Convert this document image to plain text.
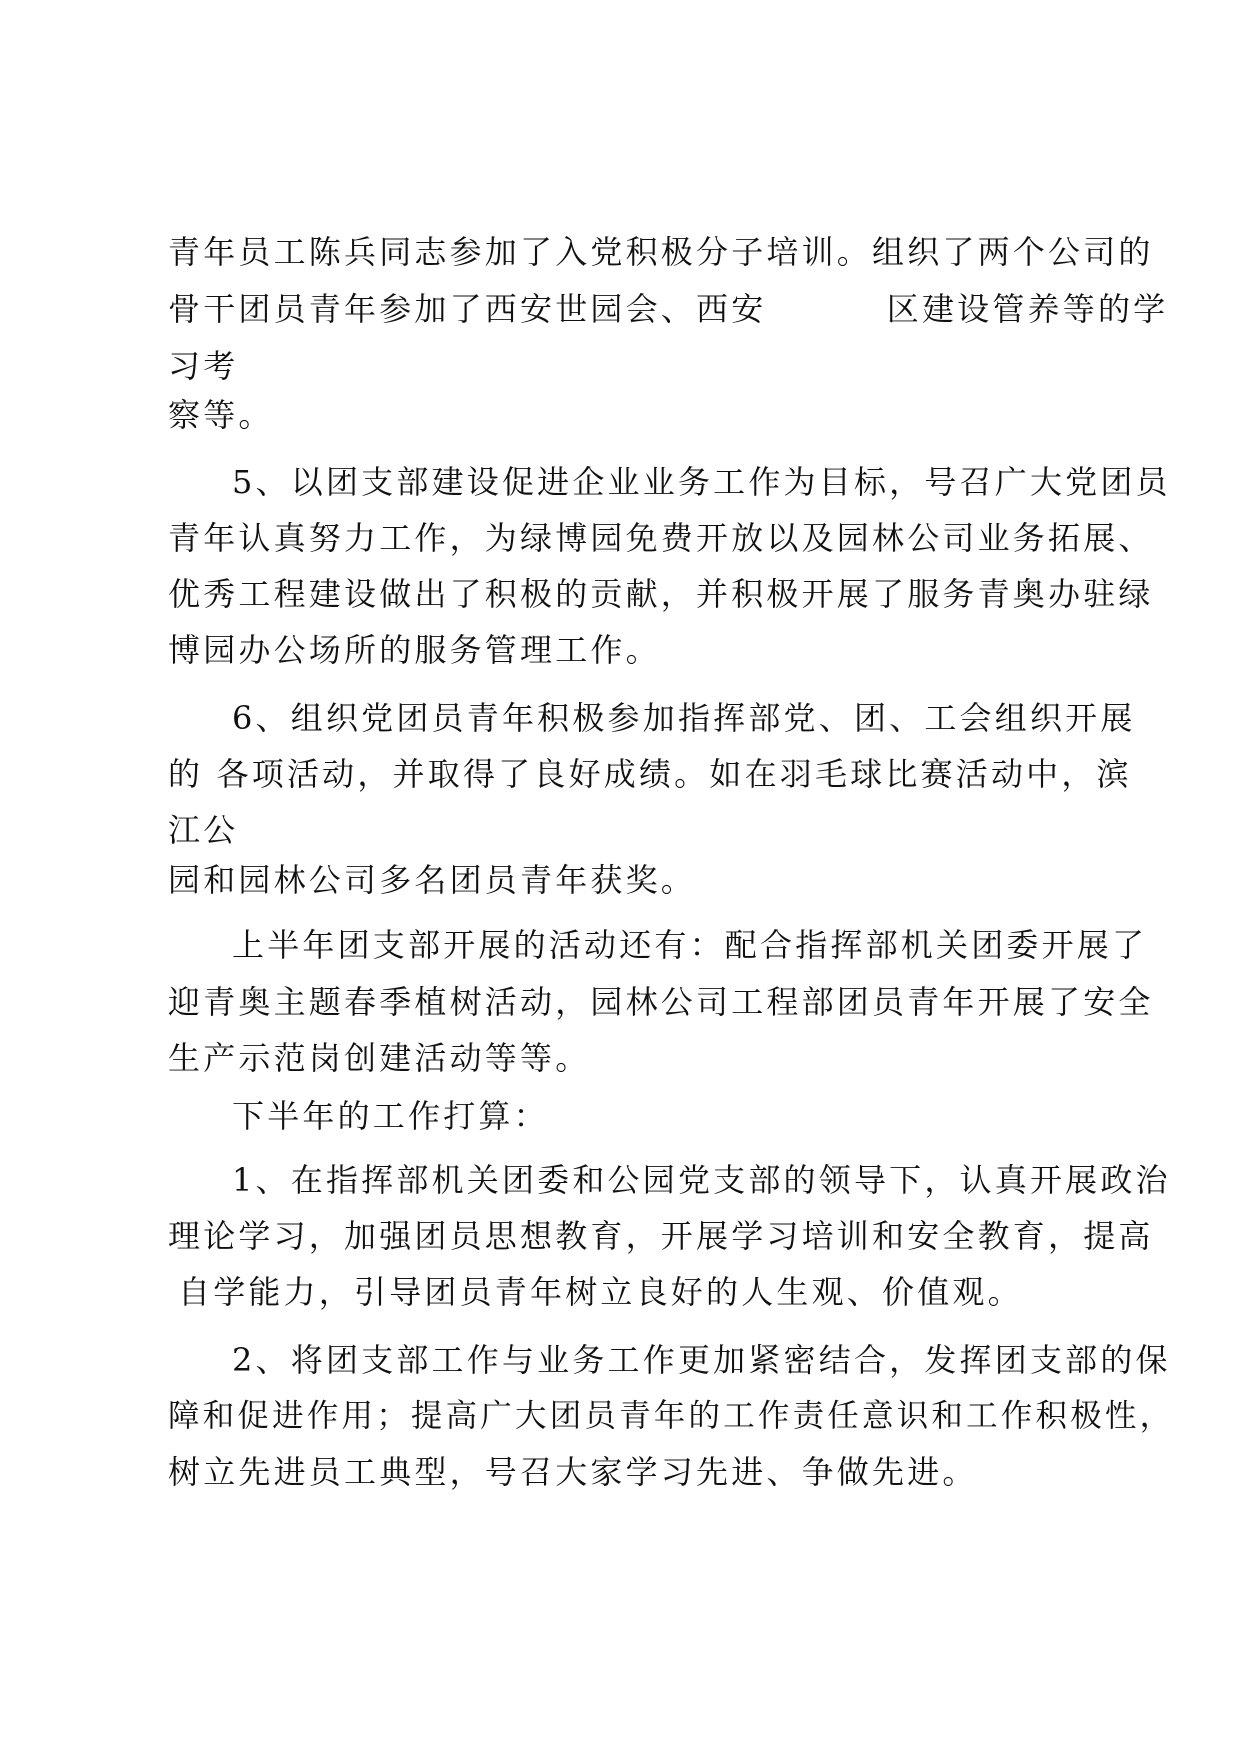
青年员工陈兵同志参加了入党积极分子培训。组织了两个公司的
骨干团员青年参加了西安世园会、西安         区建设管养等的学
习考
察等。
5、以团支部建设促进企业业务工作为目标，号召广大党团员
青年认真努力工作，为绿博园免费开放以及园林公司业务拓展、
优秀工程建设做出了积极的贡献，并积极开展了服务青奥办驻绿
博园办公场所的服务管理工作。
6、组织党团员青年积极参加指挥部党、团、工会组织开展
的 各项活动，并取得了良好成绩。如在羽毛球比赛活动中，滨
江公
园和园林公司多名团员青年获奖。
上半年团支部开展的活动还有：配合指挥部机关团委开展了
迎青奥主题春季植树活动，园林公司工程部团员青年开展了安全
生产示范岗创建活动等等。
下半年的工作打算：
1、在指挥部机关团委和公园党支部的领导下，认真开展政治
理论学习，加强团员思想教育，开展学习培训和安全教育，提高
自学能力，引导团员青年树立良好的人生观、价值观。
2、将团支部工作与业务工作更加紧密结合，发挥团支部的保
障和促进作用；提高广大团员青年的工作责任意识和工作积极性，
树立先进员工典型，号召大家学习先进、争做先进。
